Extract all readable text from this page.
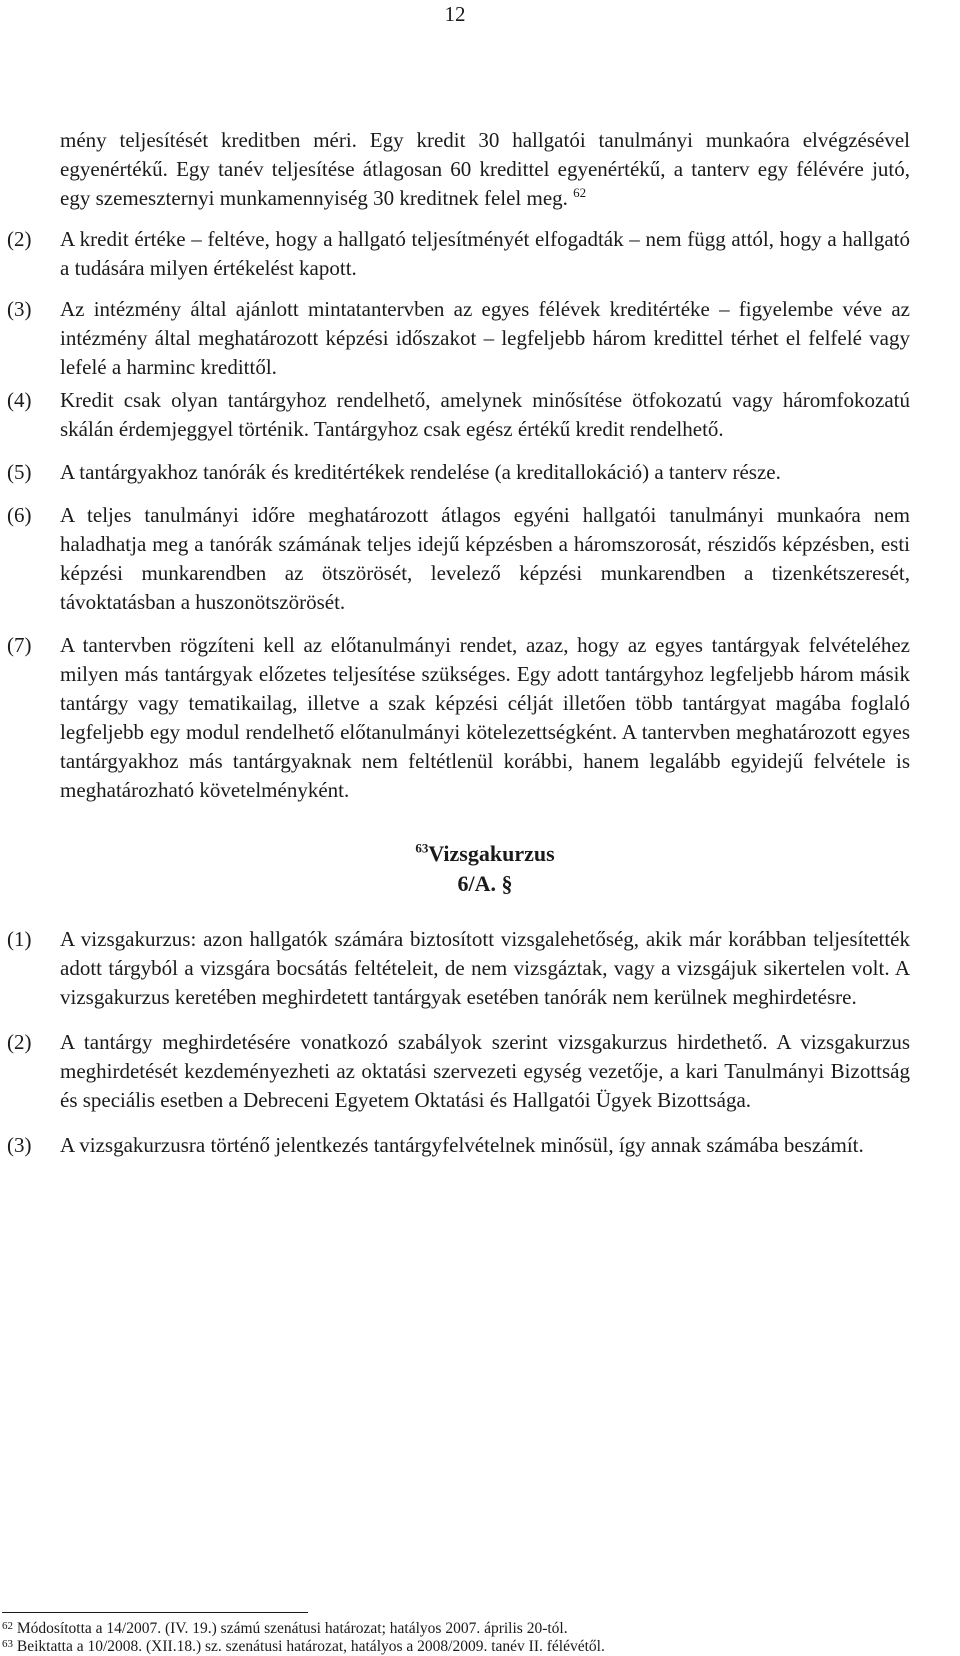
12

mény teljesítését kreditben méri. Egy kredit 30 hallgatói tanulmányi munkaóra elvégzésével egyenértékű. Egy tanév teljesítése átlagosan 60 kredittel egyenértékű, a tanterv egy félévére jutó, egy szemeszternyi munkamennyiség 30 kreditnek felel meg. $^{62}$

(2) A kredit értéke – feltéve, hogy a hallgató teljesítményét elfogadták – nem függ attól, hogy a hallgató a tudására milyen értékelést kapott.
(3) Az intézmény által ajánlott mintatantervben az egyes félévek kreditértéke – figyelembe véve az intézmény által meghatározott képzési időszakot – legfeljebb három kredittel térhet el felfelé vagy lefelé a harminc kredittől.
(4) Kredit csak olyan tantárgyhoz rendelhető, amelynek minősítése ötfokozatú vagy háromfokozatú skálán érdemjeggyel történik. Tantárgyhoz csak egész értékű kredit rendelhető.
(5) A tantárgyakhoz tanórák és kreditértékek rendelése (a kreditallokáció) a tanterv része.
(6) A teljes tanulmányi időre meghatározott átlagos egyéni hallgatói tanulmányi munkaóra nem haladhatja meg a tanórák számának teljes idejű képzésben a háromszorosát, részidős képzésben, esti képzési munkarendben az ötszörösét, levelező képzési munkarendben a tizenkétszeresét, távoktatásban a huszonötszörösét.
(7) A tantervben rögzíteni kell az előtanulmányi rendet, azaz, hogy az egyes tantárgyak felvételéhez milyen más tantárgyak előzetes teljesítése szükséges. Egy adott tantárgyhoz legfeljebb három másik tantárgy vagy tematikailag, illetve a szak képzési célját illetően több tantárgyat magába foglaló legfeljebb egy modul rendelhető előtanulmányi kötelezettségként. A tantervben meghatározott egyes tantárgyakhoz más tantárgyaknak nem feltétlenül korábbi, hanem legalább egyidejű felvétele is meghatározható követelményként.
$^{63}$Vizsgakurzus
6/A. §
(1) A vizsgakurzus: azon hallgatók számára biztosított vizsgalehetőség, akik már korábban teljesítették adott tárgyból a vizsgára bocsátás feltételeit, de nem vizsgáztak, vagy a vizsgájuk sikertelen volt. A vizsgakurzus keretében meghirdetett tantárgyak esetében tanórák nem kerülnek meghirdetésre.
(2) A tantárgy meghirdetésére vonatkozó szabályok szerint vizsgakurzus hirdethető. A vizsgakurzus meghirdetését kezdeményezheti az oktatási szervezeti egység vezetője, a kari Tanulmányi Bizottság és speciális esetben a Debreceni Egyetem Oktatási és Hallgatói Ügyek Bizottsága.
(3) A vizsgakurzusra történő jelentkezés tantárgyfelvételnek minősül, így annak számába beszámít.
$^{62}$ Módosította a 14/2007. (IV. 19.) számú szenátusi határozat; hatályos 2007. április 20-tól.
$^{63}$ Beiktatta a 10/2008. (XII.18.) sz. szenátusi határozat, hatályos a 2008/2009. tanév II. félévétől.
